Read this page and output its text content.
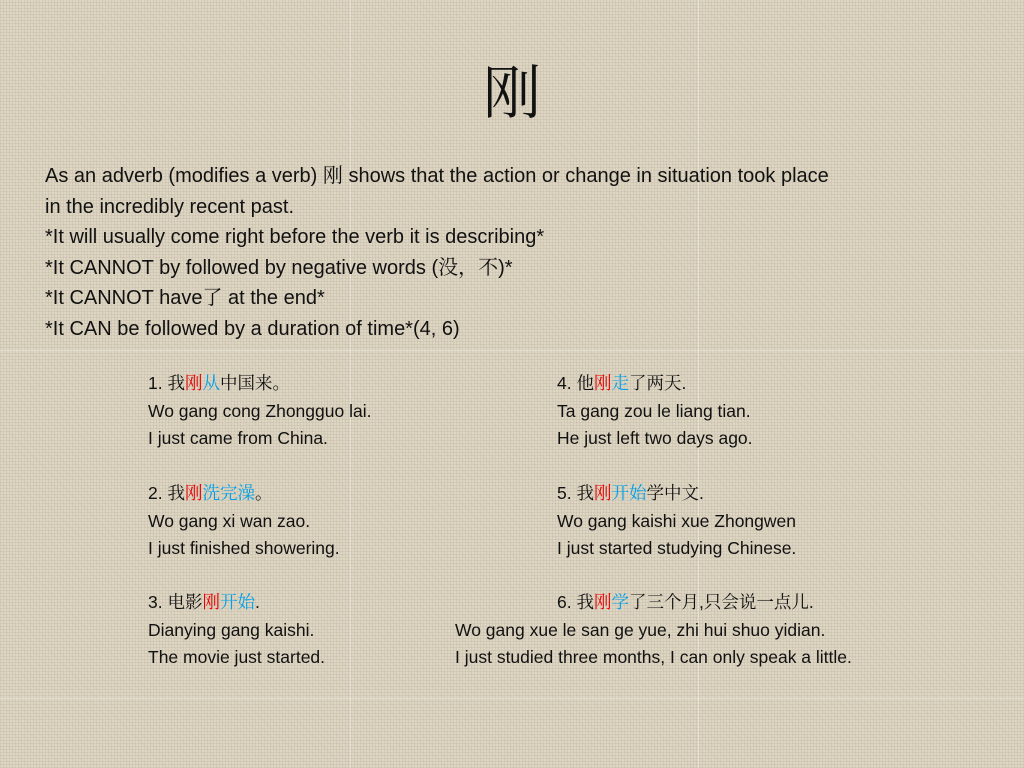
刚
As an adverb (modifies a verb) 刚 shows that the action or change in situation took place
in the incredibly recent past.
*It will usually come right before the verb it is describing*
*It CANNOT by followed by negative words (没，不)*
*It CANNOT have了 at the end*
*It CAN be followed by a duration of time*(4, 6)
1. 我刚从中国来。
Wo gang cong Zhongguo lai.
I just came from China.
2. 我刚洗完澡。
Wo gang xi wan zao.
I just finished showering.
3. 电影刚开始.
Dianying gang kaishi.
The movie just started.
4. 他刚走了两天.
Ta gang zou le liang tian.
He just left two days ago.
5. 我刚开始学中文.
Wo gang kaishi xue Zhongwen
I just started studying Chinese.
6. 我刚学了三个月,只会说一点儿.
Wo gang xue le san ge yue, zhi hui shuo yidian.
I just studied three months, I can only speak a little.
